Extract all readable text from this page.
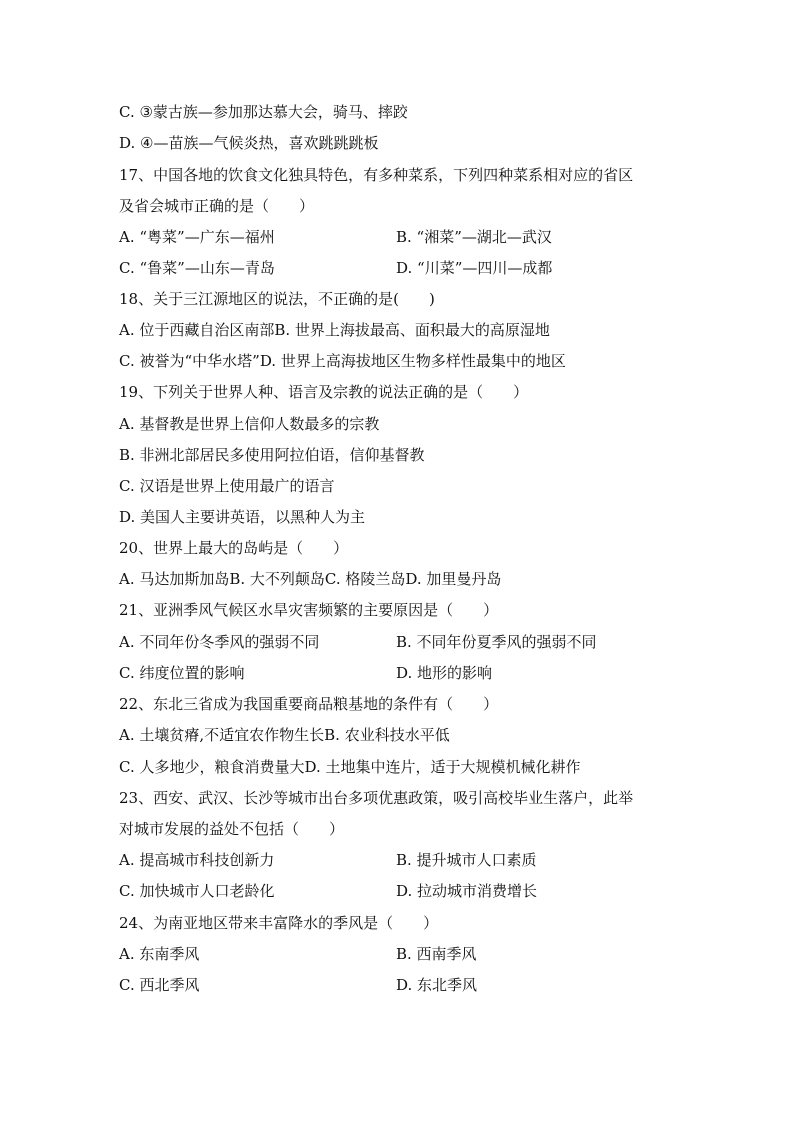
C. ③蒙古族—参加那达慕大会，骑马、摔跤
D. ④—苗族—气候炎热，喜欢跳跳跳板
17、中国各地的饮食文化独具特色，有多种菜系，下列四种菜系相对应的省区
及省会城市正确的是（　　）
A. “粤菜”—广东—福州	B. “湘菜”—湖北—武汉
C. “鲁菜”—山东—青岛	D. “川菜”—四川—成都
18、关于三江源地区的说法，不正确的是(　　)
A. 位于西藏自治区南部B. 世界上海拔最高、面积最大的高原湿地
C. 被誉为“中华水塔”D. 世界上高海拔地区生物多样性最集中的地区
19、下列关于世界人种、语言及宗教的说法正确的是（　　）
A. 基督教是世界上信仰人数最多的宗教
B. 非洲北部居民多使用阿拉伯语，信仰基督教
C. 汉语是世界上使用最广的语言
D. 美国人主要讲英语，以黑种人为主
20、世界上最大的岛屿是（　　）
A. 马达加斯加岛B. 大不列颠岛C. 格陵兰岛D. 加里曼丹岛
21、亚洲季风气候区水旱灾害频繁的主要原因是（　　）
A. 不同年份冬季风的强弱不同	B. 不同年份夏季风的强弱不同
C. 纬度位置的影响	D. 地形的影响
22、东北三省成为我国重要商品粮基地的条件有（　　）
A. 土壤贫瘠,不适宜农作物生长B. 农业科技水平低
C. 人多地少，粮食消费量大D. 土地集中连片，适于大规模机械化耕作
23、西安、武汉、长沙等城市出台多项优惠政策，吸引高校毕业生落户，此举
对城市发展的益处不包括（　　）
A. 提高城市科技创新力	B. 提升城市人口素质
C. 加快城市人口老龄化	D. 拉动城市消费增长
24、为南亚地区带来丰富降水的季风是（　　）
A. 东南季风	B. 西南季风
C. 西北季风	D. 东北季风
